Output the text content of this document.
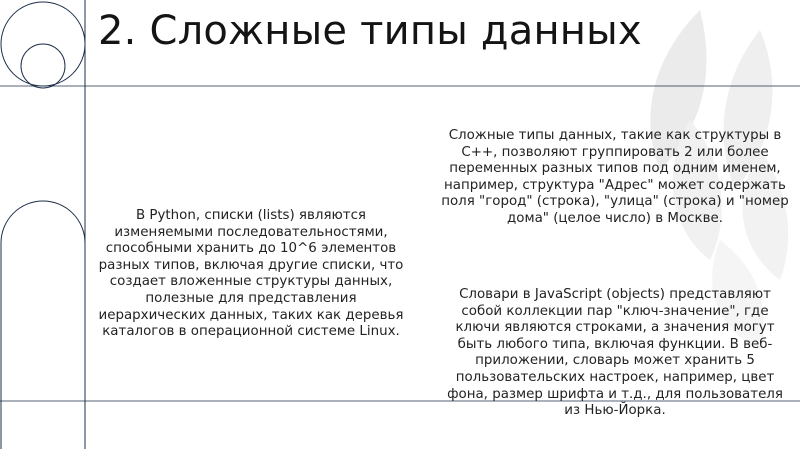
2. Сложные типы данных
В Python, списки (lists) являются изменяемыми последовательностями, способными хранить до 10^6 элементов разных типов, включая другие списки, что создает вложенные структуры данных, полезные для представления иерархических данных, таких как деревья каталогов в операционной системе Linux.
Сложные типы данных, такие как структуры в C++, позволяют группировать 2 или более переменных разных типов под одним именем, например, структура "Адрес" может содержать поля "город" (строка), "улица" (строка) и "номер дома" (целое число) в Москве.
Словари в JavaScript (objects) представляют собой коллекции пар "ключ-значение", где ключи являются строками, а значения могут быть любого типа, включая функции. В веб-приложении, словарь может хранить 5 пользовательских настроек, например, цвет фона, размер шрифта и т.д., для пользователя из Нью-Йорка.
